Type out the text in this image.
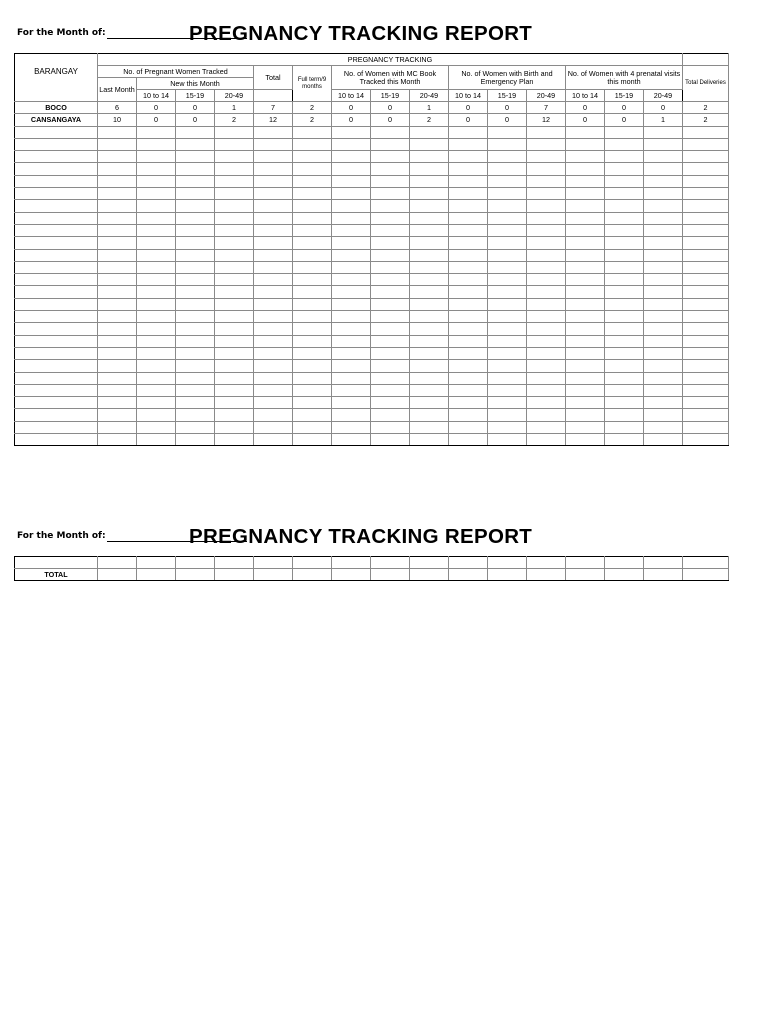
For the Month of:	PREGNANCY TRACKING REPORT
	PREGNANCY TRACKING															
BARANGAY	No. of Pregnant Women Tracked				Total	Full term/9 months	No. of Women with MC Book Tracked this Month			No. of Women with Birth and Emergency Plan			No. of Women with 4 prenatal visits this month			Total Deliveries
	Last Month	New this Month														
		10 to 14	15-19	20-49			10 to 14	15-19	20-49	10 to 14	15-19	20-49	10 to 14	15-19	20-49	
BOCO	6	0	0	1	7	2	0	0	1	0	0	7	0	0	0	2
CANSANGAYA	10	0	0	2	12	2	0	0	2	0	0	12	0	0	1	2

For the Month of:	PREGNANCY TRACKING REPORT

TOTAL																
